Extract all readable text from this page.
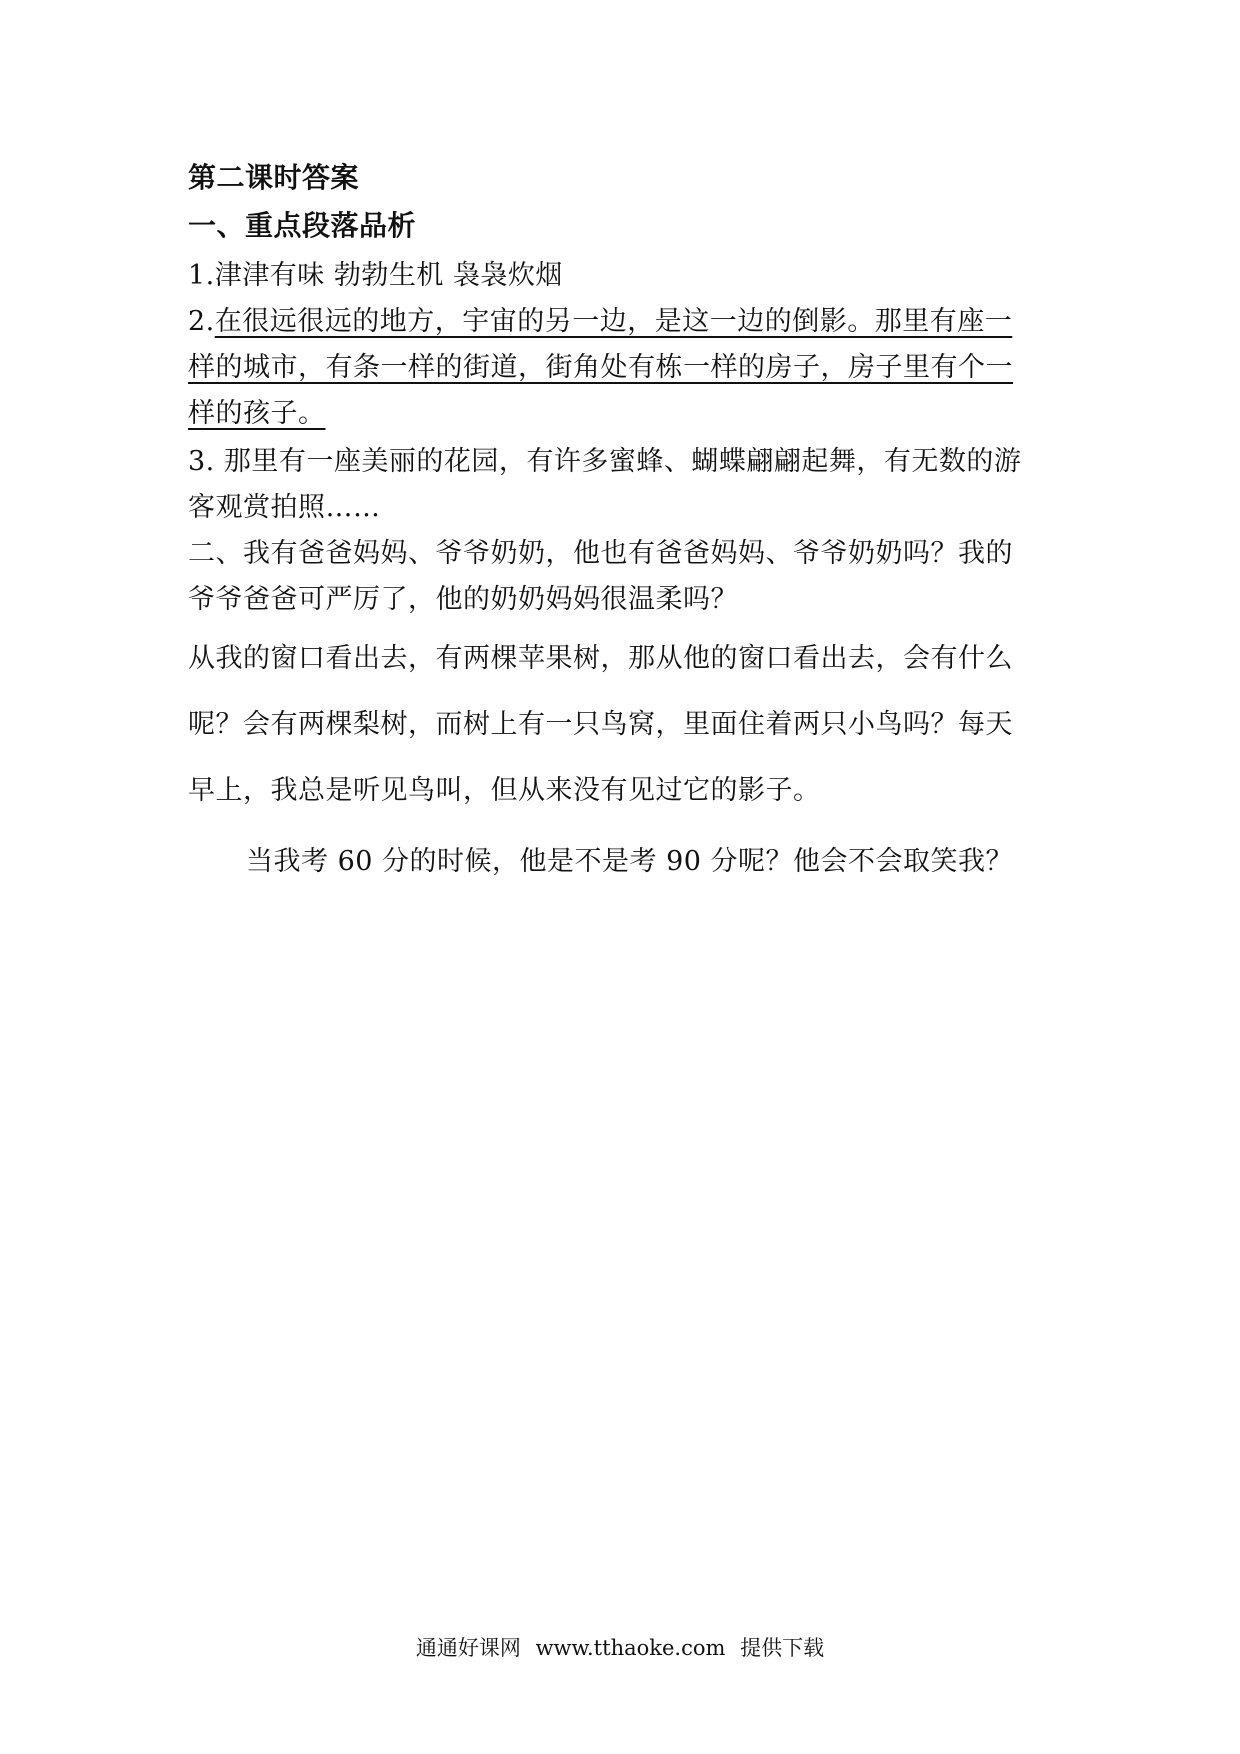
第二课时答案
一、重点段落品析
1.津津有味 勃勃生机 袅袅炊烟
2.在很远很远的地方，宇宙的另一边，是这一边的倒影。那里有座一
样的城市，有条一样的街道，街角处有栋一样的房子，房子里有个一
样的孩子。
3. 那里有一座美丽的花园，有许多蜜蜂、蝴蝶翩翩起舞，有无数的游
客观赏拍照……
二、我有爸爸妈妈、爷爷奶奶，他也有爸爸妈妈、爷爷奶奶吗？我的
爷爷爸爸可严厉了，他的奶奶妈妈很温柔吗？
从我的窗口看出去，有两棵苹果树，那从他的窗口看出去，会有什么
呢？会有两棵梨树，而树上有一只鸟窝，里面住着两只小鸟吗？每天
早上，我总是听见鸟叫，但从来没有见过它的影子。
当我考 60 分的时候，他是不是考 90 分呢？他会不会取笑我？
通通好课网 www.tthaoke.com 提供下载
